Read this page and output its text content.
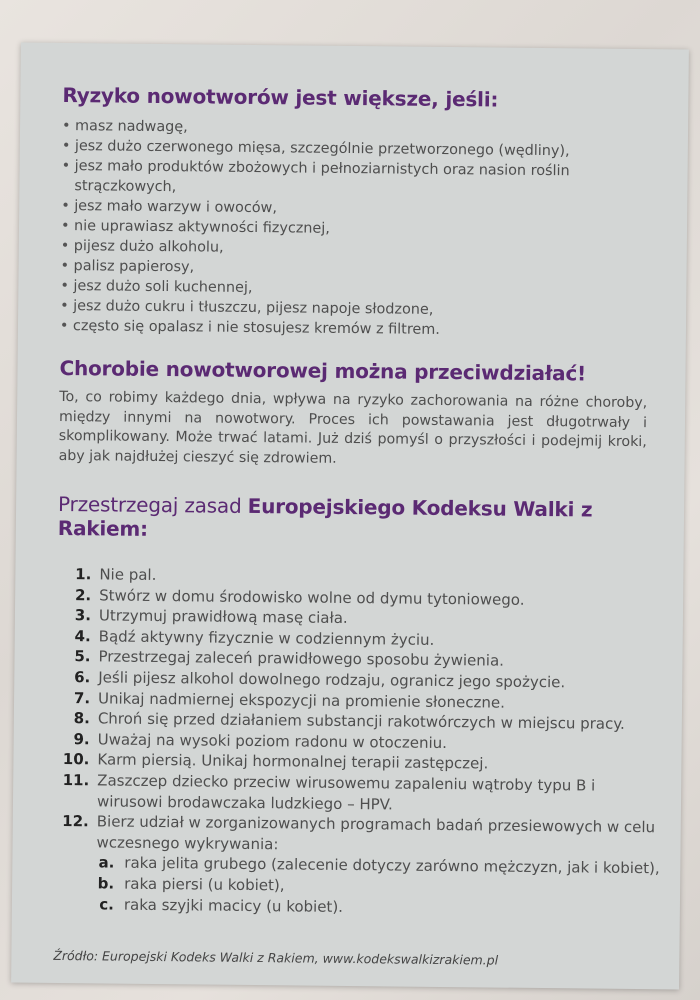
Ryzyko nowotworów jest większe, jeśli:
• masz nadwagę,
• jesz dużo czerwonego mięsa, szczególnie przetworzonego (wędliny),
• jesz mało produktów zbożowych i pełnoziarnistych oraz nasion roślin strączkowych,
• jesz mało warzyw i owoców,
• nie uprawiasz aktywności fizycznej,
• pijesz dużo alkoholu,
• palisz papierosy,
• jesz dużo soli kuchennej,
• jesz dużo cukru i tłuszczu, pijesz napoje słodzone,
• często się opalasz i nie stosujesz kremów z filtrem.
Chorobie nowotworowej można przeciwdziałać!

To, co robimy każdego dnia, wpływa na ryzyko zachorowania na różne choroby, między innymi na nowotwory. Proces ich powstawania jest długotrwały i skomplikowany. Może trwać latami. Już dziś pomyśl o przyszłości i podejmij kroki, aby jak najdłużej cieszyć się zdrowiem.

Przestrzegaj zasad Europejskiego Kodeksu Walki z Rakiem:
1. Nie pal.
2. Stwórz w domu środowisko wolne od dymu tytoniowego.
3. Utrzymuj prawidłową masę ciała.
4. Bądź aktywny fizycznie w codziennym życiu.
5. Przestrzegaj zaleceń prawidłowego sposobu żywienia.
6. Jeśli pijesz alkohol dowolnego rodzaju, ogranicz jego spożycie.
7. Unikaj nadmiernej ekspozycji na promienie słoneczne.
8. Chroń się przed działaniem substancji rakotwórczych w miejscu pracy.
9. Uważaj na wysoki poziom radonu w otoczeniu.
10. Karm piersią. Unikaj hormonalnej terapii zastępczej.
11. Zaszczep dziecko przeciw wirusowemu zapaleniu wątroby typu B i wirusowi brodawczaka ludzkiego – HPV.
12. Bierz udział w zorganizowanych programach badań przesiewowych w celu wczesnego wykrywania:
a. raka jelita grubego (zalecenie dotyczy zarówno mężczyzn, jak i kobiet),
b. raka piersi (u kobiet),
c. raka szyjki macicy (u kobiet).
Źródło: Europejski Kodeks Walki z Rakiem, www.kodekswalkizrakiem.pl
